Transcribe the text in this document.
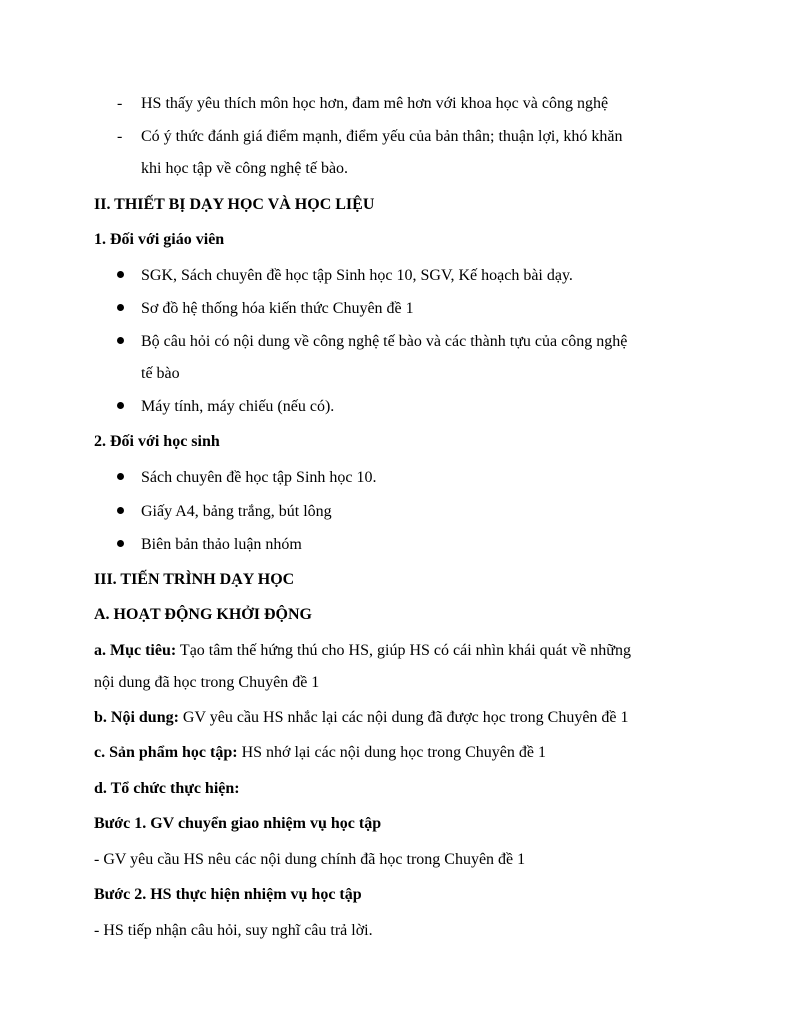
- HS thấy yêu thích môn học hơn, đam mê hơn với khoa học và công nghệ
- Có ý thức đánh giá điểm mạnh, điểm yếu của bản thân; thuận lợi, khó khăn
khi học tập về công nghệ tế bào.
II. THIẾT BỊ DẠY HỌC VÀ HỌC LIỆU
1. Đối với giáo viên
SGK, Sách chuyên đề học tập Sinh học 10, SGV, Kế hoạch bài dạy.
Sơ đồ hệ thống hóa kiến thức Chuyên đề 1
Bộ câu hỏi có nội dung về công nghệ tế bào và các thành tựu của công nghệ
tế bào
Máy tính, máy chiếu (nếu có).
2. Đối với học sinh
Sách chuyên đề học tập Sinh học 10.
Giấy A4, bảng trắng, bút lông
Biên bản thảo luận nhóm
III. TIẾN TRÌNH DẠY HỌC
A. HOẠT ĐỘNG KHỞI ĐỘNG
a. Mục tiêu: Tạo tâm thế hứng thú cho HS, giúp HS có cái nhìn khái quát về những
nội dung đã học trong Chuyên đề 1
b. Nội dung: GV yêu cầu HS nhắc lại các nội dung đã được học trong Chuyên đề 1
c. Sản phẩm học tập: HS nhớ lại các nội dung học trong Chuyên đề 1
d. Tổ chức thực hiện:
Bước 1. GV chuyển giao nhiệm vụ học tập
- GV yêu cầu HS nêu các nội dung chính đã học trong Chuyên đề 1
Bước 2. HS thực hiện nhiệm vụ học tập
- HS tiếp nhận câu hỏi, suy nghĩ câu trả lời.
